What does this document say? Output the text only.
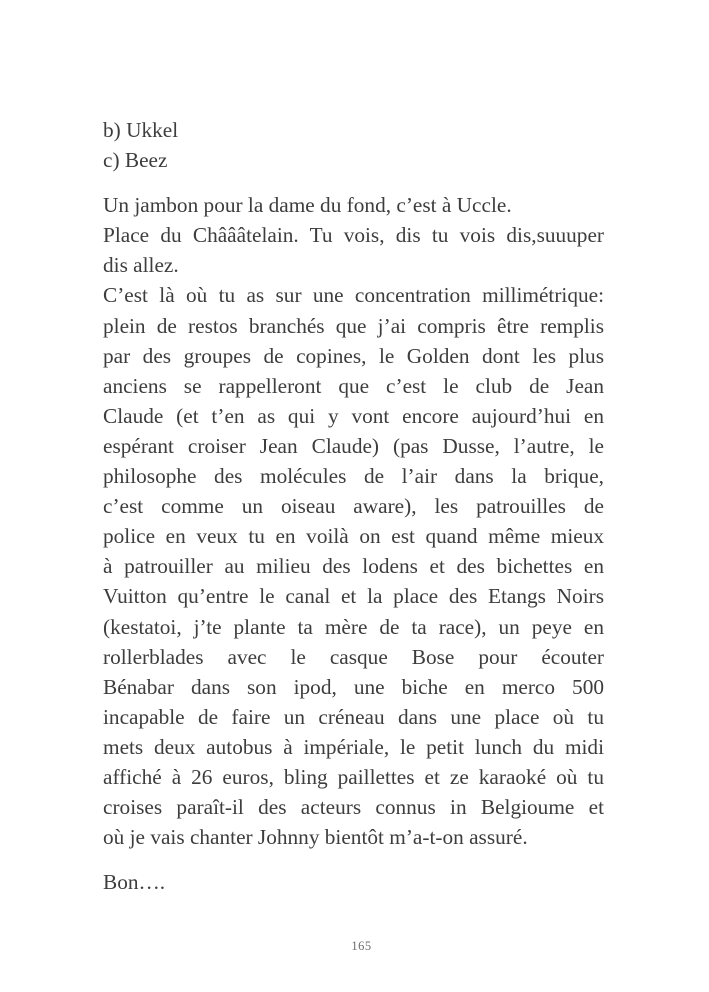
b) Ukkel
c) Beez
Un jambon pour la dame du fond, c’est à Uccle.
Place du Châââtelain. Tu vois, dis tu vois dis,suuuper
dis allez.
C’est là où tu as sur une concentration millimétrique:
plein de restos branchés que j’ai compris être remplis
par des groupes de copines, le Golden dont les plus
anciens se rappelleront que c’est le club de Jean
Claude (et t’en as qui y vont encore aujourd’hui en
espérant croiser Jean Claude) (pas Dusse, l’autre, le
philosophe des molécules de l’air dans la brique,
c’est comme un oiseau aware), les patrouilles de
police en veux tu en voilà on est quand même mieux
à patrouiller au milieu des lodens et des bichettes en
Vuitton qu’entre le canal et la place des Etangs Noirs
(kestatoi, j’te plante ta mère de ta race), un peye en
rollerblades avec le casque Bose pour écouter
Bénabar dans son ipod, une biche en merco 500
incapable de faire un créneau dans une place où tu
mets deux autobus à impériale, le petit lunch du midi
affiché à 26 euros, bling paillettes et ze karaoké où tu
croises paraît-il des acteurs connus in Belgioume et
où je vais chanter Johnny bientôt m’a-t-on assuré.
Bon….
165
